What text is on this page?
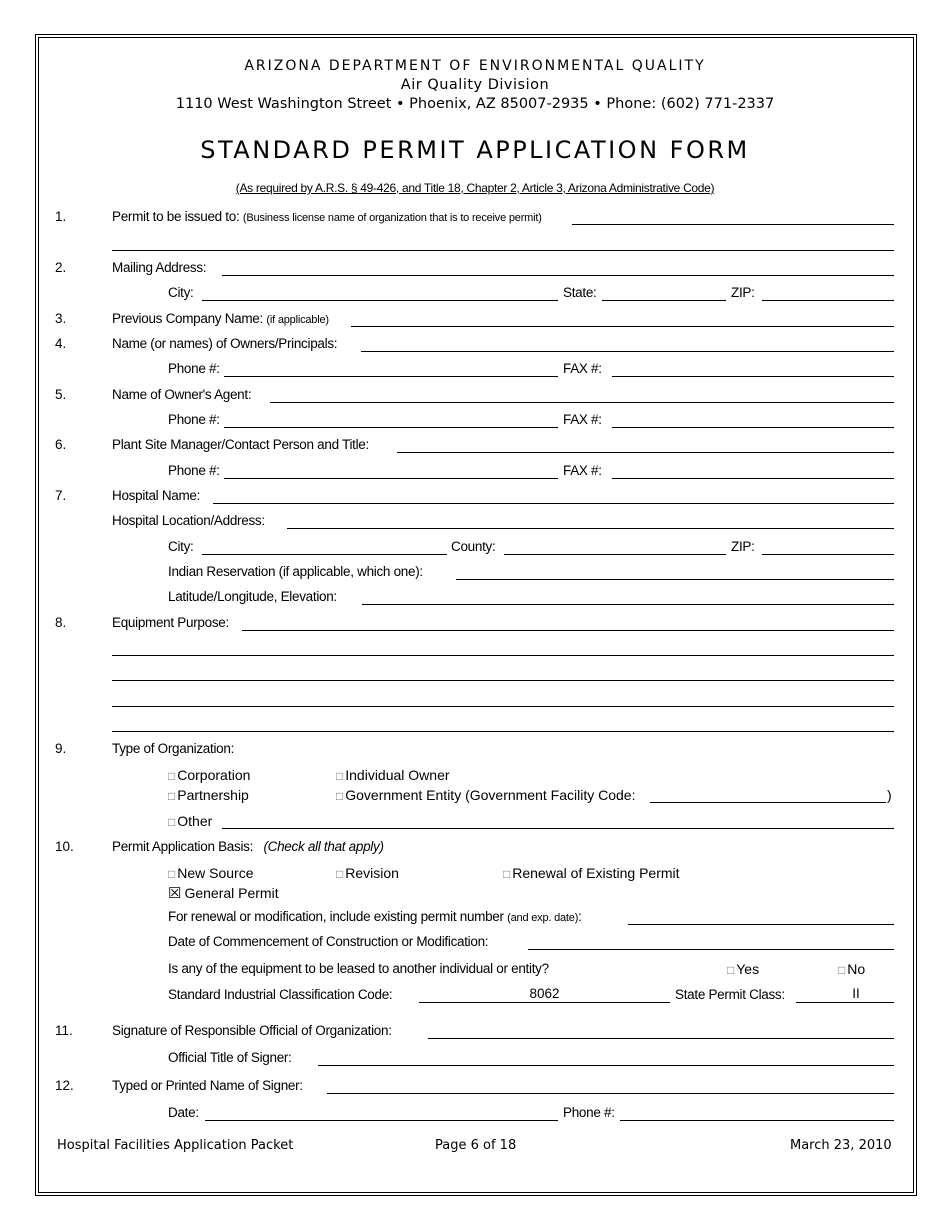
ARIZONA DEPARTMENT OF ENVIRONMENTAL QUALITY
Air Quality Division
1110 West Washington Street • Phoenix, AZ 85007-2935 • Phone: (602) 771-2337
STANDARD PERMIT APPLICATION FORM
(As required by A.R.S. § 49-426, and Title 18, Chapter 2, Article 3, Arizona Administrative Code)
1.	Permit to be issued to: (Business license name of organization that is to receive permit)
2.	Mailing Address:
City:	State:	ZIP:
3.	Previous Company Name: (if applicable)
4.	Name (or names) of Owners/Principals:
Phone #:	FAX #:
5.	Name of Owner's Agent:
Phone #:	FAX #:
6.	Plant Site Manager/Contact Person and Title:
Phone #:	FAX #:
7.	Hospital Name:
Hospital Location/Address:
City:	County:	ZIP:
Indian Reservation (if applicable, which one):
Latitude/Longitude, Elevation:
8.	Equipment Purpose:
9.	Type of Organization:
□ Corporation	□ Individual Owner
□ Partnership	□ Government Entity (Government Facility Code:	)
□ Other
10.	Permit Application Basis: (Check all that apply)
□ New Source	□ Revision	□ Renewal of Existing Permit
☒ General Permit
For renewal or modification, include existing permit number (and exp. date):
Date of Commencement of Construction or Modification:
Is any of the equipment to be leased to another individual or entity?	□ Yes	□ No
Standard Industrial Classification Code:	8062	State Permit Class:	II
11.	Signature of Responsible Official of Organization:
Official Title of Signer:
12.	Typed or Printed Name of Signer:
Date:	Phone #:
Hospital Facilities Application Packet	Page 6 of 18	March 23, 2010
